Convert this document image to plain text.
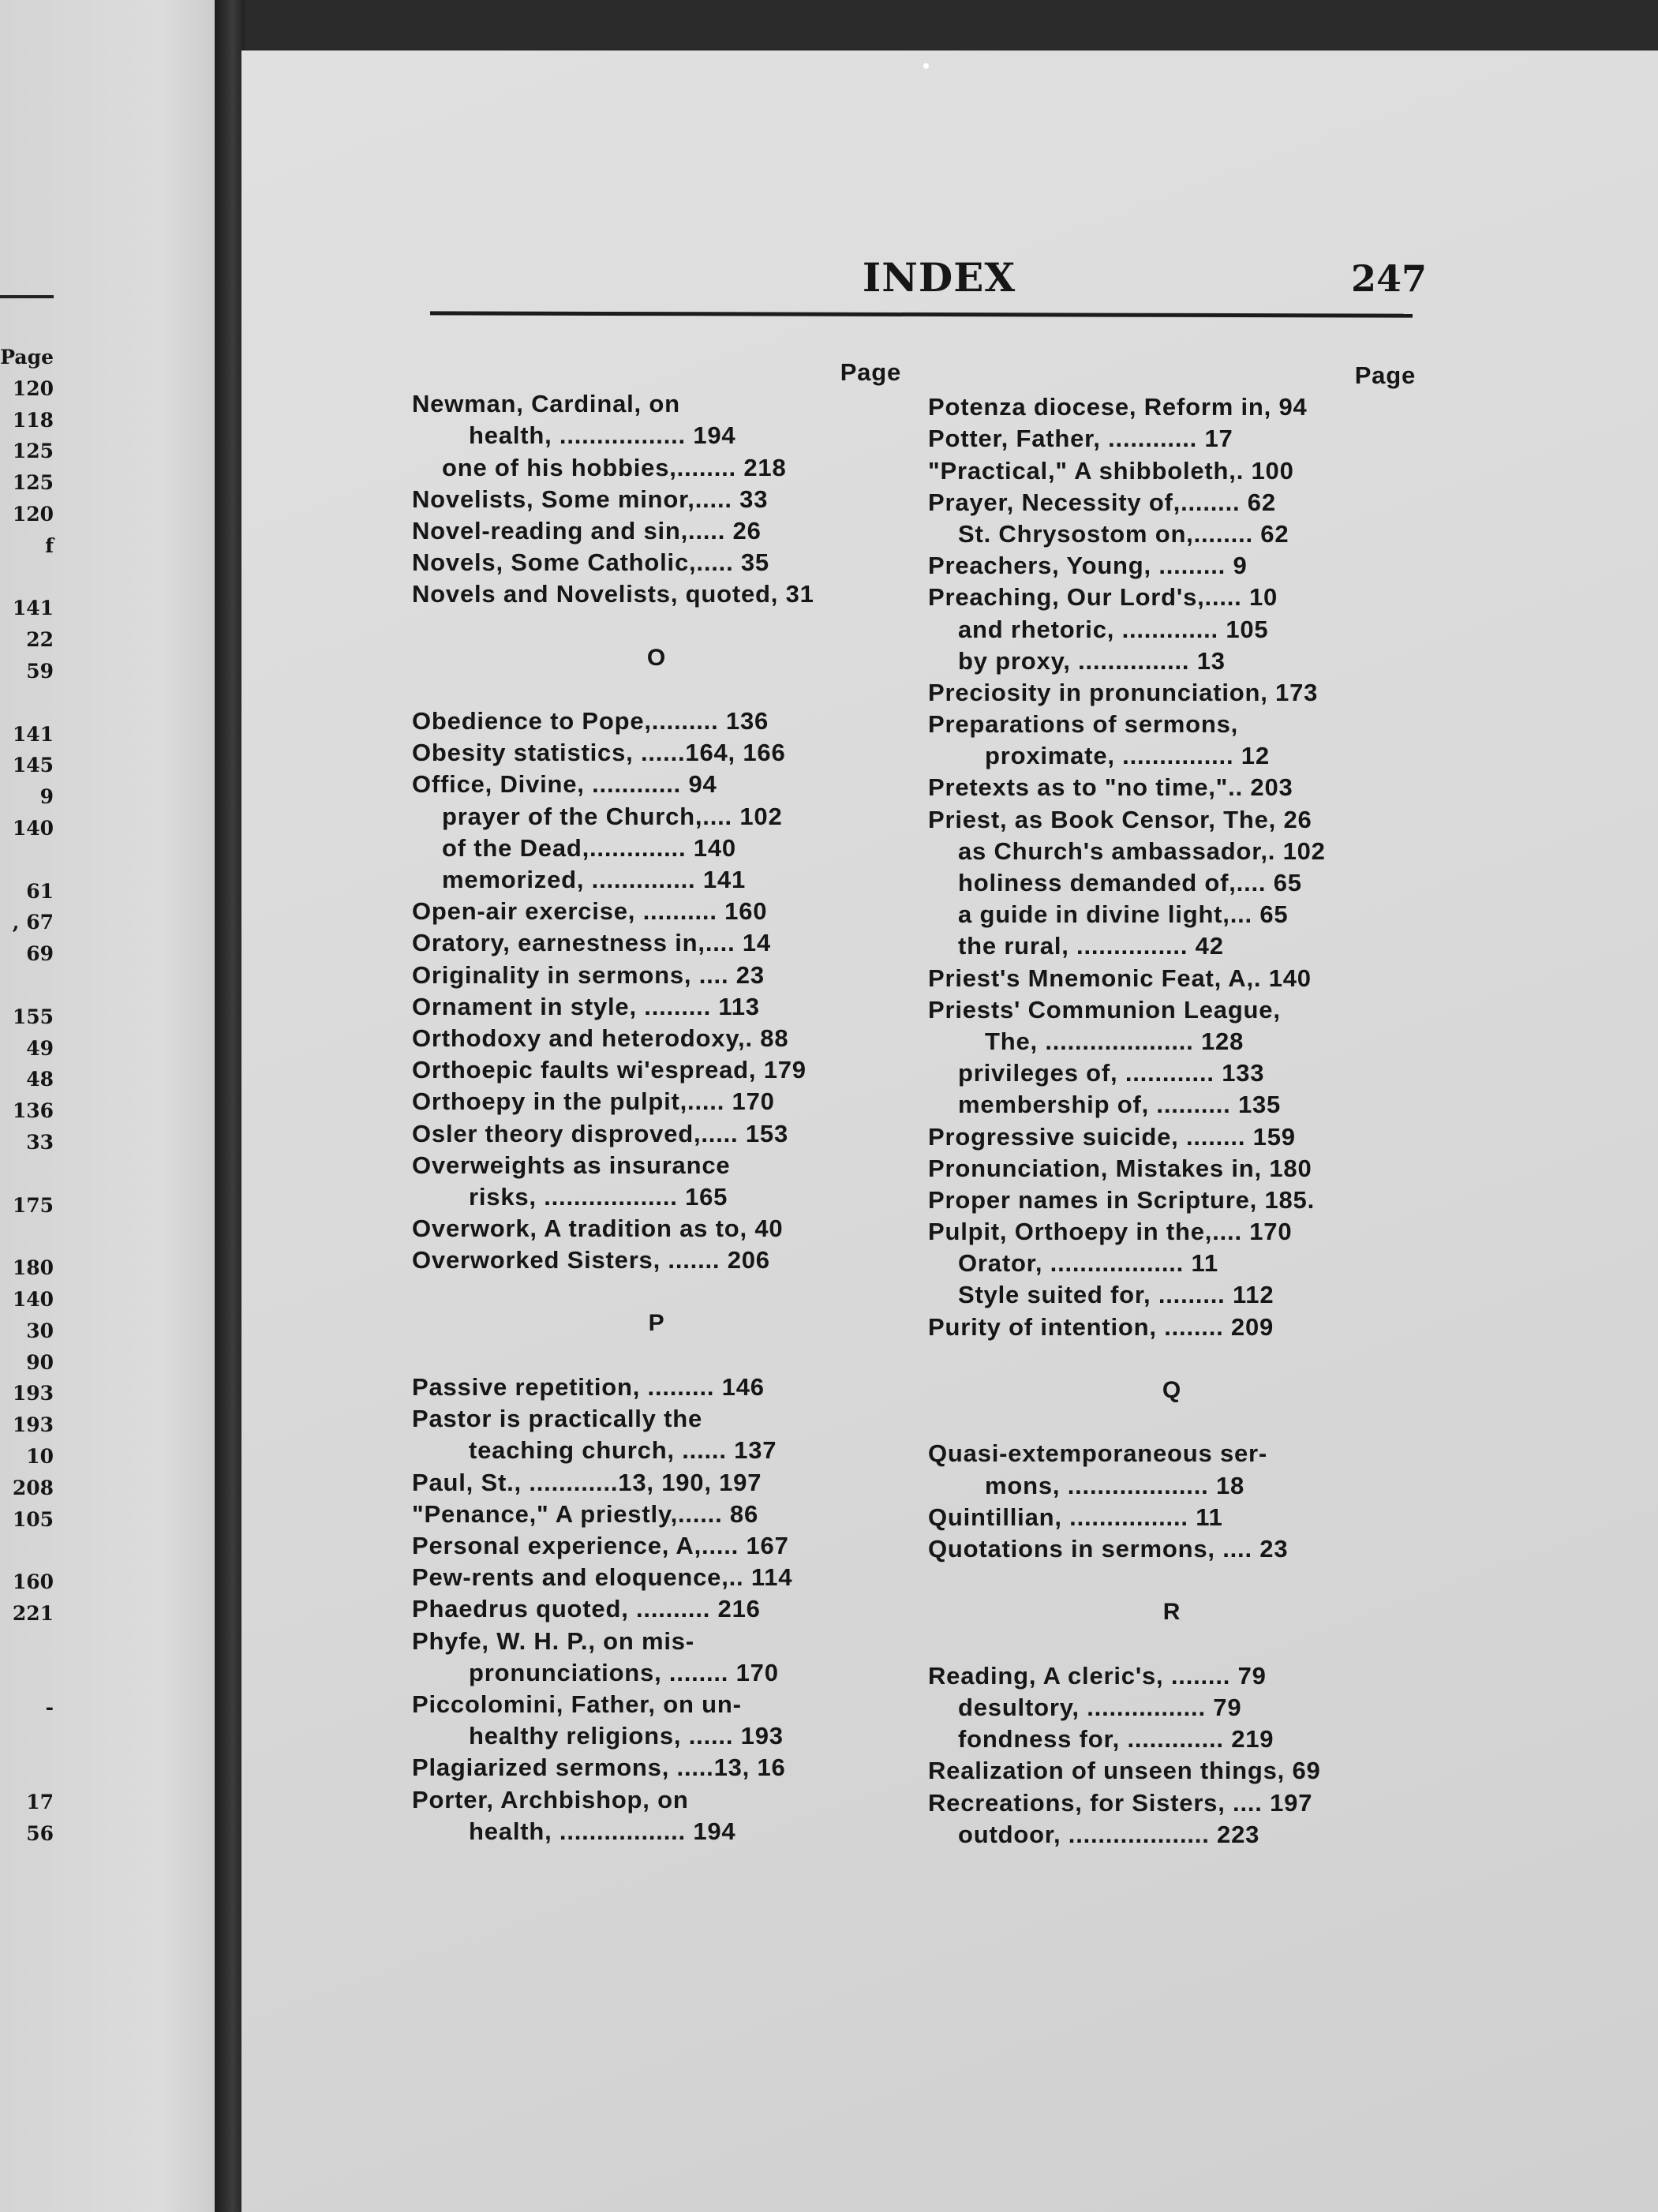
Page
120
118
125
125
120
f
141
22
59
141
145
9
140
61
, 67
69
155
49
48
136
33
175
180
140
30
90
193
193
10
208
105
160
221
-
17
56
INDEX	247
Page
Newman, Cardinal, on
health, ................. 194
one of his hobbies,........ 218
Novelists, Some minor,..... 33
Novel-reading and sin,..... 26
Novels, Some Catholic,..... 35
Novels and Novelists, quoted, 31
O
Obedience to Pope,......... 136
Obesity statistics, ......164, 166
Office, Divine, ............ 94
prayer of the Church,.... 102
of the Dead,............. 140
memorized, .............. 141
Open-air exercise, .......... 160
Oratory, earnestness in,.... 14
Originality in sermons, .... 23
Ornament in style, ......... 113
Orthodoxy and heterodoxy,. 88
Orthoepic faults wi'espread, 179
Orthoepy in the pulpit,..... 170
Osler theory disproved,..... 153
Overweights as insurance
risks, .................. 165
Overwork, A tradition as to, 40
Overworked Sisters, ....... 206
P
Passive repetition, ......... 146
Pastor is practically the
teaching church, ...... 137
Paul, St., ............13, 190, 197
"Penance," A priestly,...... 86
Personal experience, A,..... 167
Pew-rents and eloquence,.. 114
Phaedrus quoted, .......... 216
Phyfe, W. H. P., on mis-
pronunciations, ........ 170
Piccolomini, Father, on un-
healthy religions, ...... 193
Plagiarized sermons, .....13, 16
Porter, Archbishop, on
health, ................. 194
Page
Potenza diocese, Reform in, 94
Potter, Father, ............ 17
"Practical," A shibboleth,. 100
Prayer, Necessity of,........ 62
St. Chrysostom on,........ 62
Preachers, Young, ......... 9
Preaching, Our Lord's,..... 10
and rhetoric, ............. 105
by proxy, ............... 13
Preciosity in pronunciation, 173
Preparations of sermons,
proximate, ............... 12
Pretexts as to "no time,".. 203
Priest, as Book Censor, The, 26
as Church's ambassador,. 102
holiness demanded of,.... 65
a guide in divine light,... 65
the rural, ............... 42
Priest's Mnemonic Feat, A,. 140
Priests' Communion League,
The, .................... 128
privileges of, ............ 133
membership of, .......... 135
Progressive suicide, ........ 159
Pronunciation, Mistakes in, 180
Proper names in Scripture, 185.
Pulpit, Orthoepy in the,.... 170
Orator, .................. 11
Style suited for, ......... 112
Purity of intention, ........ 209
Q
Quasi-extemporaneous ser-
mons, ................... 18
Quintillian, ................ 11
Quotations in sermons, .... 23
R
Reading, A cleric's, ........ 79
desultory, ................ 79
fondness for, ............. 219
Realization of unseen things, 69
Recreations, for Sisters, .... 197
outdoor, ................... 223
